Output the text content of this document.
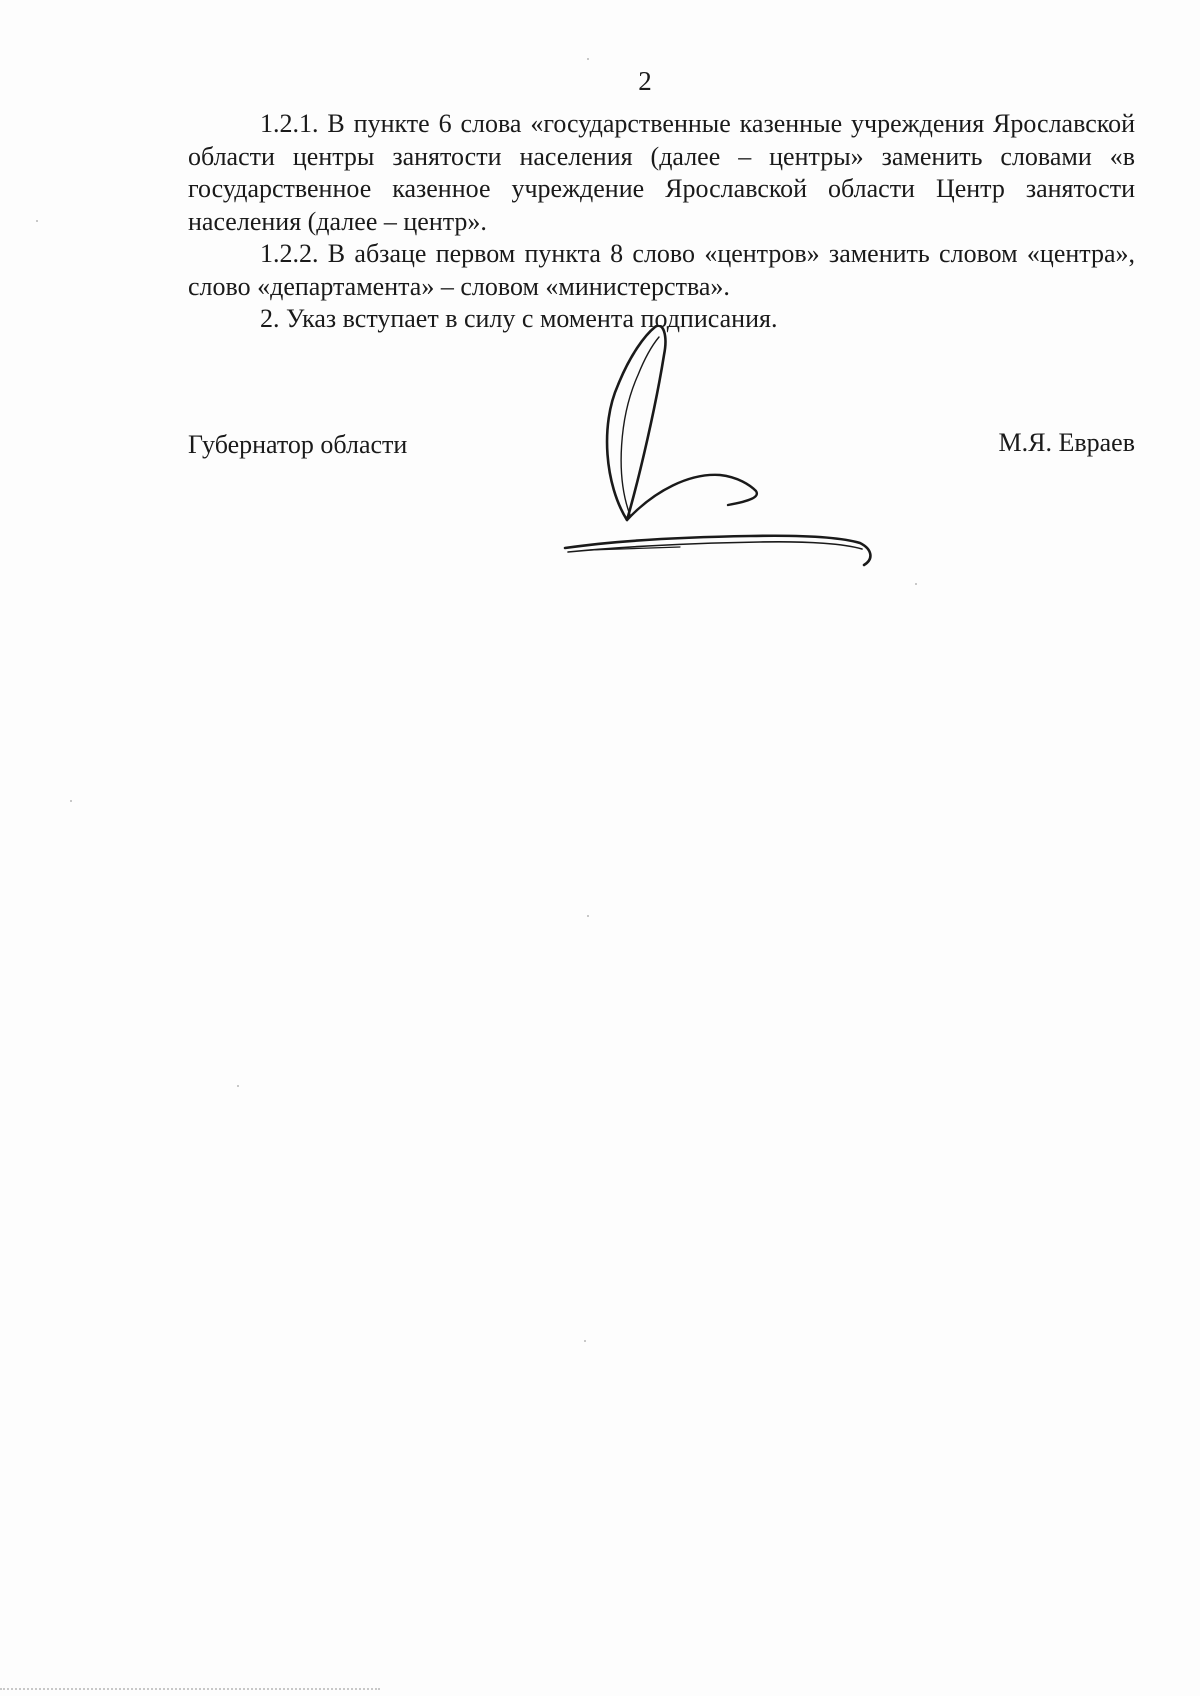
2

1.2.1. В пункте 6 слова «государственные казенные учреждения Ярославской области центры занятости населения (далее – центры» заменить словами «в государственное казенное учреждение Ярославской области Центр занятости населения (далее – центр».

1.2.2. В абзаце первом пункта 8 слово «центров» заменить словом «центра», слово «департамента» – словом «министерства».

2. Указ вступает в силу с момента подписания.

Губернатор области	М.Я. Евраев
